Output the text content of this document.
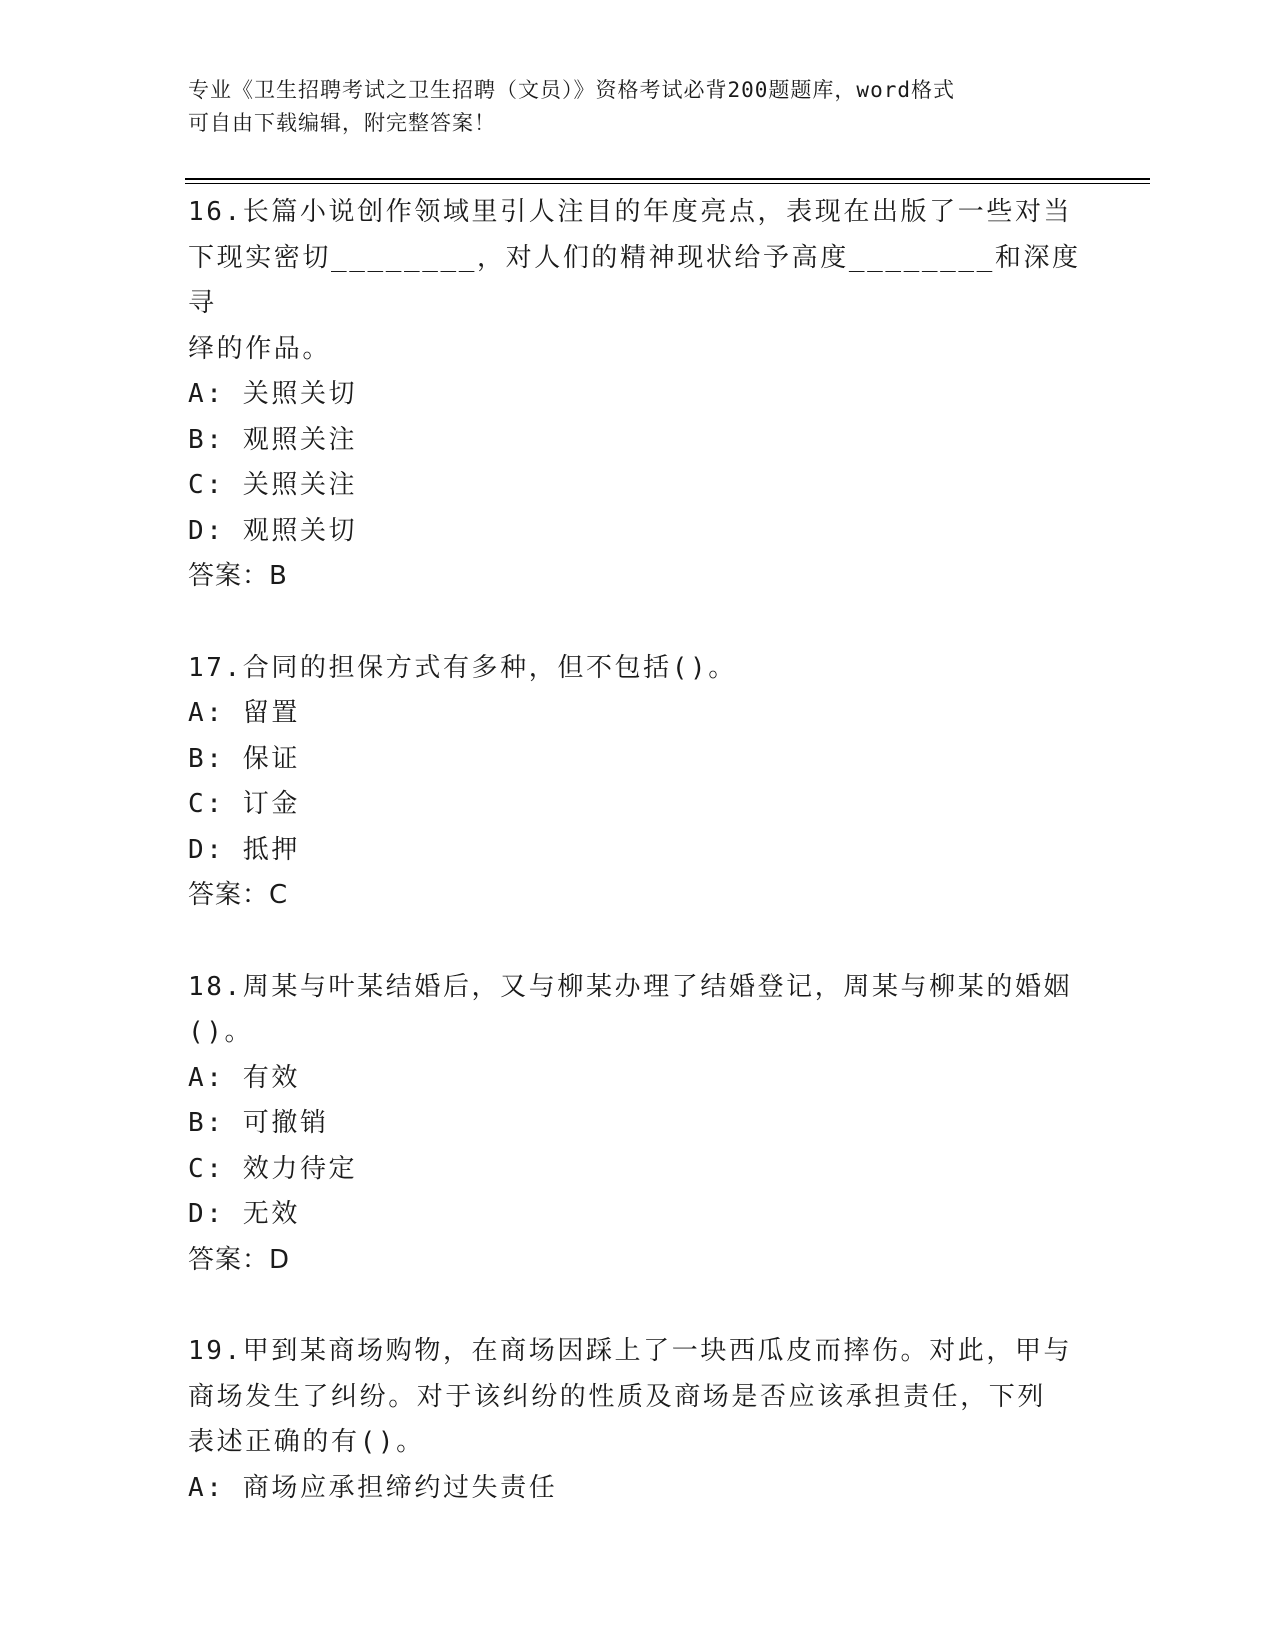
专业《卫生招聘考试之卫生招聘（文员）》资格考试必背200题题库，word格式
可自由下载编辑，附完整答案！

16.长篇小说创作领域里引人注目的年度亮点，表现在出版了一些对当

下现实密切________，对人们的精神现状给予高度________和深度寻

绎的作品。

A: 关照关切

B: 观照关注

C: 关照关注

D: 观照关切

答案：B

17.合同的担保方式有多种，但不包括()。

A: 留置

B: 保证

C: 订金

D: 抵押

答案：C

18.周某与叶某结婚后，又与柳某办理了结婚登记，周某与柳某的婚姻

()。

A: 有效

B: 可撤销

C: 效力待定

D: 无效

答案：D

19.甲到某商场购物，在商场因踩上了一块西瓜皮而摔伤。对此，甲与

商场发生了纠纷。对于该纠纷的性质及商场是否应该承担责任，下列

表述正确的有()。

A: 商场应承担缔约过失责任
